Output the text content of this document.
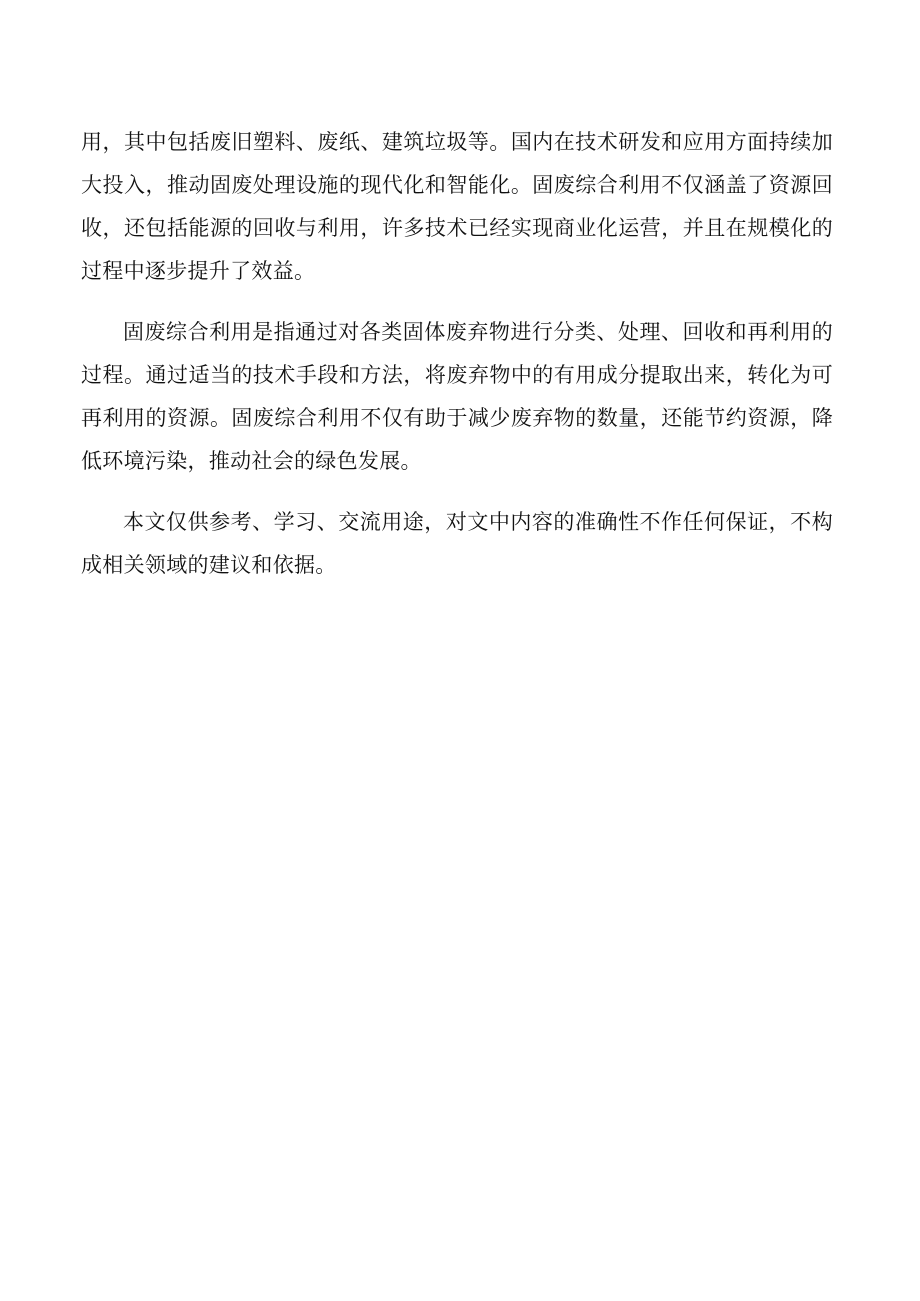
用，其中包括废旧塑料、废纸、建筑垃圾等。国内在技术研发和应用方面持续加大投入，推动固废处理设施的现代化和智能化。固废综合利用不仅涵盖了资源回收，还包括能源的回收与利用，许多技术已经实现商业化运营，并且在规模化的过程中逐步提升了效益。

固废综合利用是指通过对各类固体废弃物进行分类、处理、回收和再利用的过程。通过适当的技术手段和方法，将废弃物中的有用成分提取出来，转化为可再利用的资源。固废综合利用不仅有助于减少废弃物的数量，还能节约资源，降低环境污染，推动社会的绿色发展。

本文仅供参考、学习、交流用途，对文中内容的准确性不作任何保证，不构成相关领域的建议和依据。
